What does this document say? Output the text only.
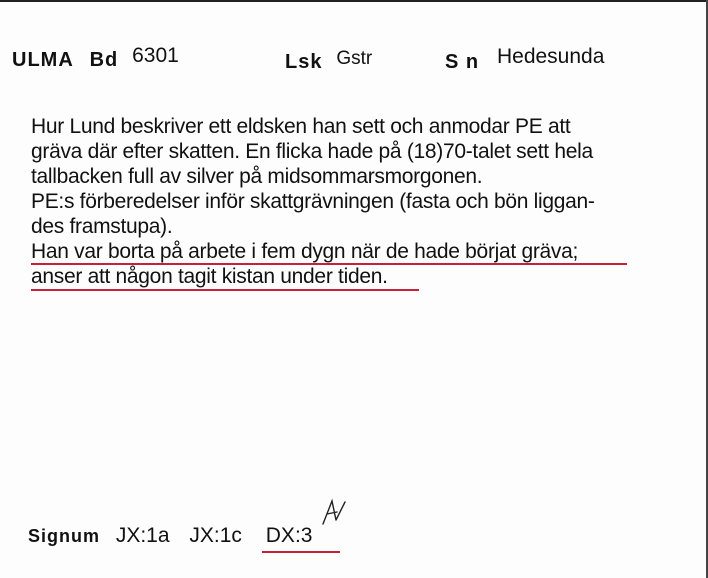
ULMA Bd 6301	Lsk Gstr	S n Hedesunda
Hur Lund beskriver ett eldsken han sett och anmodar PE att
gräva där efter skatten. En flicka hade på (18)70-talet sett hela
tallbacken full av silver på midsommarsmorgonen.
PE:s förberedelser inför skattgrävningen (fasta och bön liggan-
des framstupa).
Han var borta på arbete i fem dygn när de hade börjat gräva;
anser att någon tagit kistan under tiden.
Signum JX:1a JX:1c DX:3
